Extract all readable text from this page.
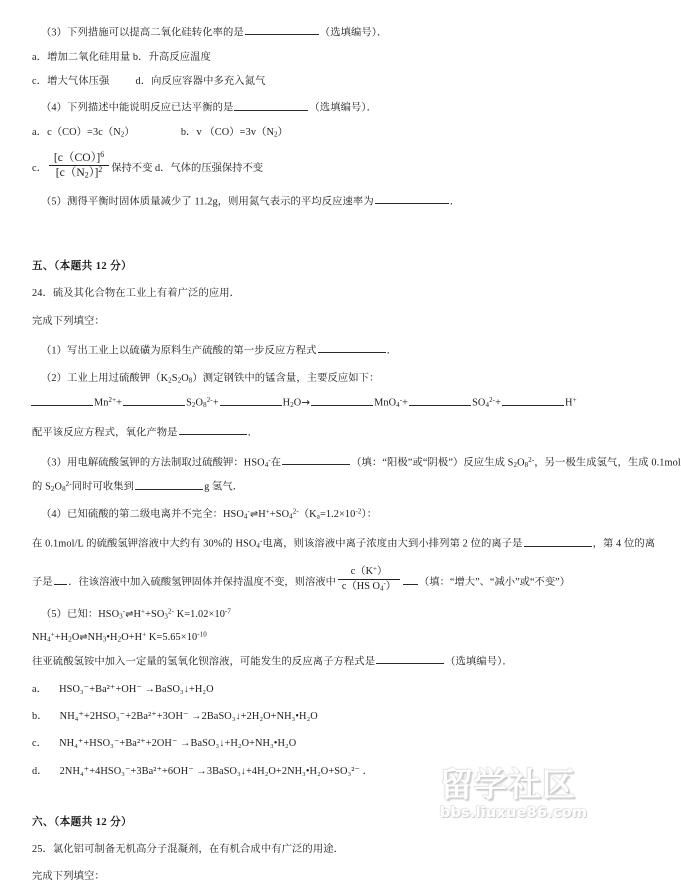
（3）下列措施可以提高二氧化硅转化率的是	（选填编号）．
a．增加二氧化硅用量 b．升高反应温度
c．增大气体压强	d．向反应容器中多充入氮气
（4）下列描述中能说明反应已达平衡的是	（选填编号）．
a．$c(CO)=3c(N_2)$	b．v $(CO)=3v(N_2)$
c． $\frac{[c(CO)]^6}{[c(N_2)]^2}$ 保持不变 d．气体的压强保持不变
（5）测得平衡时固体质量减少了 11.2g，则用氮气表示的平均反应速率为	．
五、（本题共 12 分）
24．硫及其化合物在工业上有着广泛的应用．
完成下列填空：
（1）写出工业上以硫磺为原料生产硫酸的第一步反应方程式	．
（2）工业上用过硫酸钾$(K_2S_2O_8)$测定钢铁中的锰含量，主要反应如下：
$Mn^{2+}+$	$S_2O_8^{2-}+$	$H_2O\to$	MnO$_4$-+	$SO_4^{2-}+$	H+
配平该反应方程式，氧化产物是	．
（3）用电解硫酸氢钾的方法制取过硫酸钾：$HSO_4^-$在	（填：“阳极”或“阴极”）反应生成 $S_2O_8^{2-}$，另一极生成氢气，生成 0.1mol
的 $S_2O_8^{2-}$同时可收集到	g 氢气．
（4）已知硫酸的第二级电离并不完全：$HSO_4^-\rightleftharpoons H^++SO_4^{2-}(K_a=1.2\times 10^{-2})$：
在 0.1mol/L 的硫酸氢钾溶液中大约有 30%的 $HSO_4^-$电离，则该溶液中离子浓度由大到小排列第 2 位的离子是	，第 4 位的离
子是 ．往该溶液中加入硫酸氢钾固体并保持温度不变，则溶液中 $\frac{c(K^+)}{c(HS O_4^-)}$ （填：“增大”、“减小”或“不变”）
（5）已知：$HSO_3^-\rightleftharpoons H^++SO_3^{2-}$ $K=1.02\times 10^{-7}$
$NH_4^++H_2O\rightleftharpoons NH_3•H_2O+H^+$ $K=5.65\times 10^{-10}$
往亚硫酸氢铵中加入一定量的氢氧化钡溶液，可能发生的反应离子方程式是	（选填编号）．
a． HSO₃⁻+Ba²⁺+OH⁻ →BaSO₃↓+H₂O
b． NH₄⁺+2HSO₃⁻+2Ba²⁺+3OH⁻ →2BaSO₃↓+2H₂O+NH₃•H₂O
c． NH₄⁺+HSO₃⁻+Ba²⁺+2OH⁻ →BaSO₃↓+H₂O+NH₃•H₂O
d． 2NH₄⁺+4HSO₃⁻+3Ba²⁺+6OH⁻ →3BaSO₃↓+4H₂O+2NH₃•H₂O+SO₃²⁻ ．
六、（本题共 12 分）
25．氯化铝可制备无机高分子混凝剂，在有机合成中有广泛的用途．
完成下列填空：
留学社区
bbs.liuxue86.com
